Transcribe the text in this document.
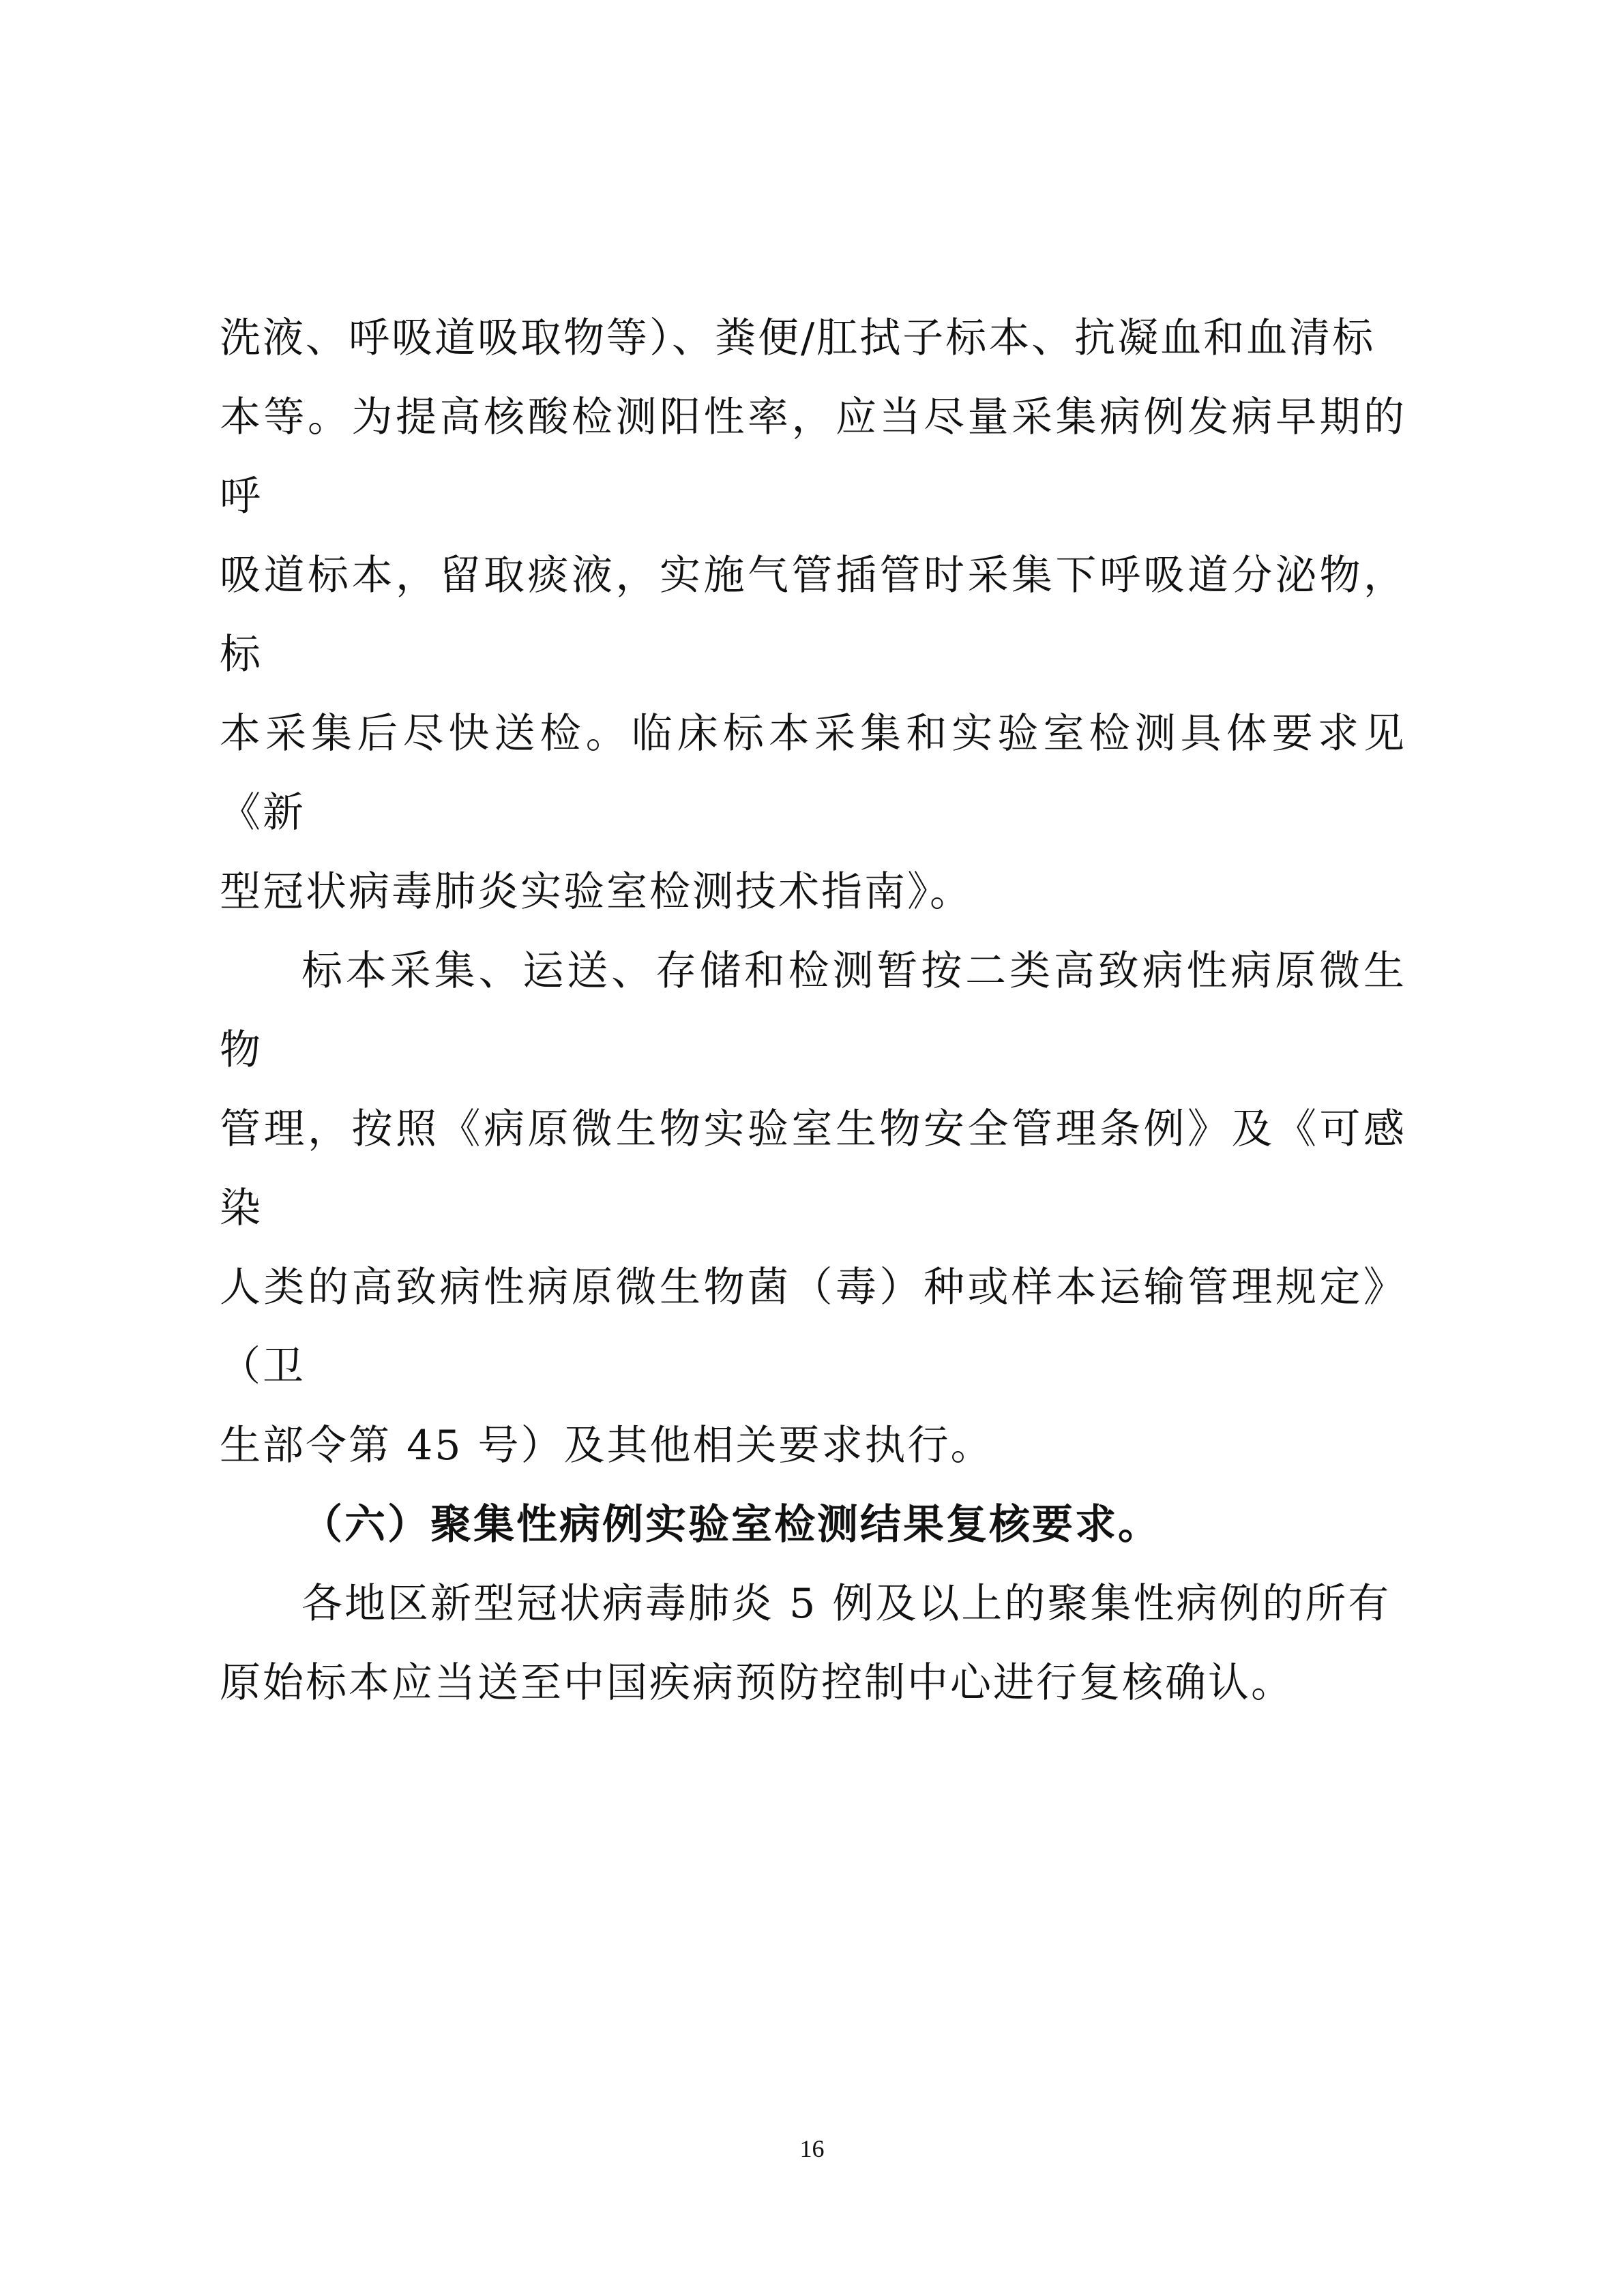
洗液、呼吸道吸取物等）、粪便/肛拭子标本、抗凝血和血清标
本等。为提高核酸检测阳性率，应当尽量采集病例发病早期的呼
吸道标本，留取痰液，实施气管插管时采集下呼吸道分泌物，标
本采集后尽快送检。临床标本采集和实验室检测具体要求见《新
型冠状病毒肺炎实验室检测技术指南》。
标本采集、运送、存储和检测暂按二类高致病性病原微生物
管理，按照《病原微生物实验室生物安全管理条例》及《可感染
人类的高致病性病原微生物菌（毒）种或样本运输管理规定》（卫
生部令第 45 号）及其他相关要求执行。
（六）聚集性病例实验室检测结果复核要求。
各地区新型冠状病毒肺炎 5 例及以上的聚集性病例的所有
原始标本应当送至中国疾病预防控制中心进行复核确认。
16
